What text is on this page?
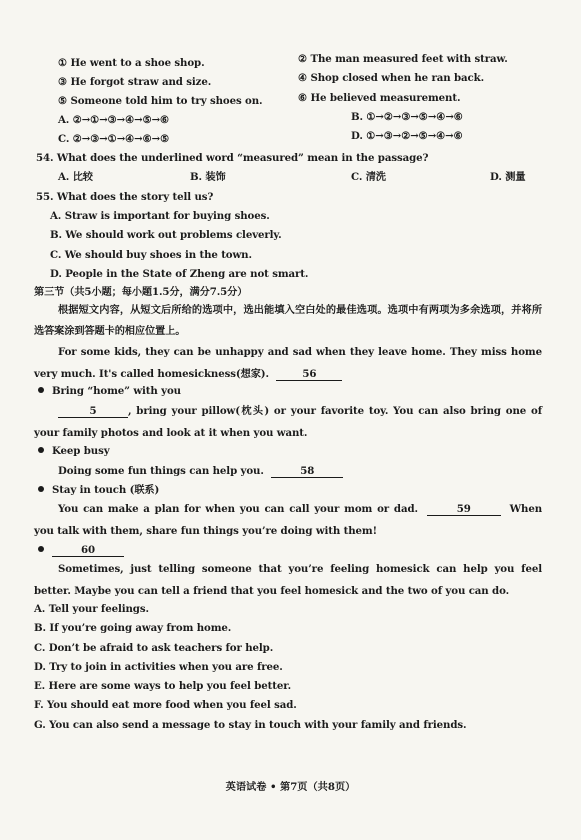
① He went to a shoe shop.	② The man measured feet with straw.
③ He forgot straw and size.	④ Shop closed when he ran back.
⑤ Someone told him to try shoes on.	⑥ He believed measurement.
A. ②→①→③→④→⑤→⑥	B. ①→②→③→⑤→④→⑥
C. ②→③→①→④→⑥→⑤	D. ①→③→②→⑤→④→⑥
54. What does the underlined word “measured” mean in the passage?
A. 比较	B. 装饰	C. 清洗	D. 测量
55. What does the story tell us?
A. Straw is important for buying shoes.
B. We should work out problems cleverly.
C. We should buy shoes in the town.
D. People in the State of Zheng are not smart.
第三节（共5小题；每小题1.5分，满分7.5分）
根据短文内容，从短文后所给的选项中，选出能填入空白处的最佳选项。选项中有两项为多余选项，并将所选答案涂到答题卡的相应位置上。
For some kids, they can be unhappy and sad when they leave home. They miss home very much. It's called homesickness(想家).	56
Bring “home” with you
5	, bring your pillow(枕头) or your favorite toy. You can also bring one of your family photos and look at it when you want.
Keep busy
Doing some fun things can help you.	58
Stay in touch (联系)
You can make a plan for when you can call your mom or dad.	59	When you talk with them, share fun things you’re doing with them!
60
Sometimes, just telling someone that you’re feeling homesick can help you feel better. Maybe you can tell a friend that you feel homesick and the two of you can do.
A. Tell your feelings.
B. If you’re going away from home.
C. Don’t be afraid to ask teachers for help.
D. Try to join in activities when you are free.
E. Here are some ways to help you feel better.
F. You should eat more food when you feel sad.
G. You can also send a message to stay in touch with your family and friends.
英语试卷 • 第7页（共8页）
